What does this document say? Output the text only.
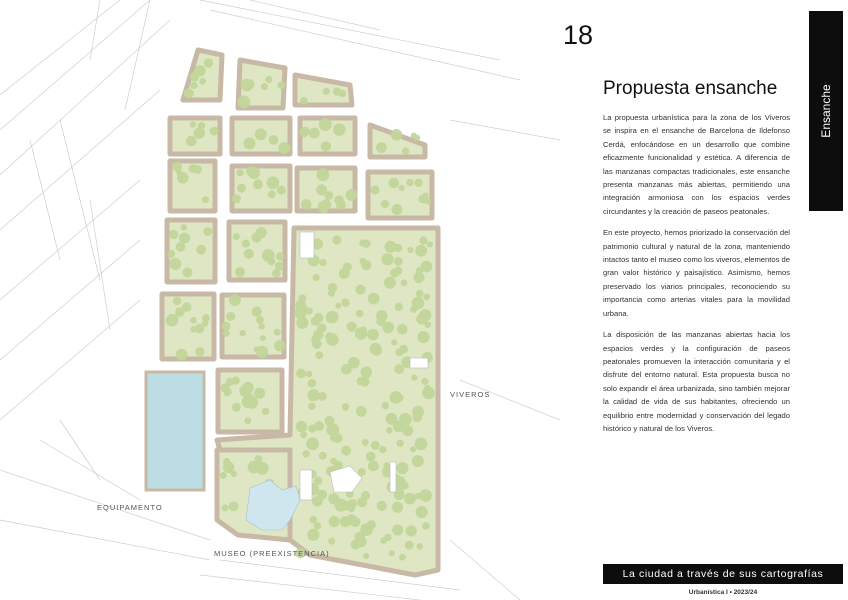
VIVEROS
EQUIPAMENTO
MUSEO (PREEXISTENCIA)
18
Ensanche
Propuesta ensanche

La propuesta urbanística para la zona de los Viveros se inspira en el ensanche de Barcelona de Ildefonso Cerdá, enfocándose en un desarrollo que combine eficazmente funcionalidad y estética. A diferencia de las manzanas compactas tradicionales, este ensanche presenta manzanas más abiertas, permitiendo una integración armoniosa con los espacios verdes circundantes y la creación de paseos peatonales.

En este proyecto, hemos priorizado la conservación del patrimonio cultural y natural de la zona, manteniendo intactos tanto el museo como los viveros, elementos de gran valor histórico y paisajístico. Asimismo, hemos preservado los viarios principales, reconociendo su importancia como arterias vitales para la movilidad urbana.

La disposición de las manzanas abiertas hacia los espacios verdes y la configuración de paseos peatonales promueven la interacción comunitaria y el disfrute del entorno natural. Esta propuesta busca no solo expandir el área urbanizada, sino también mejorar la calidad de vida de sus habitantes, ofreciendo un equilibrio entre modernidad y conservación del legado histórico y natural de los Viveros.

La ciudad a través de sus cartografías
Urbanística I • 2023/24
